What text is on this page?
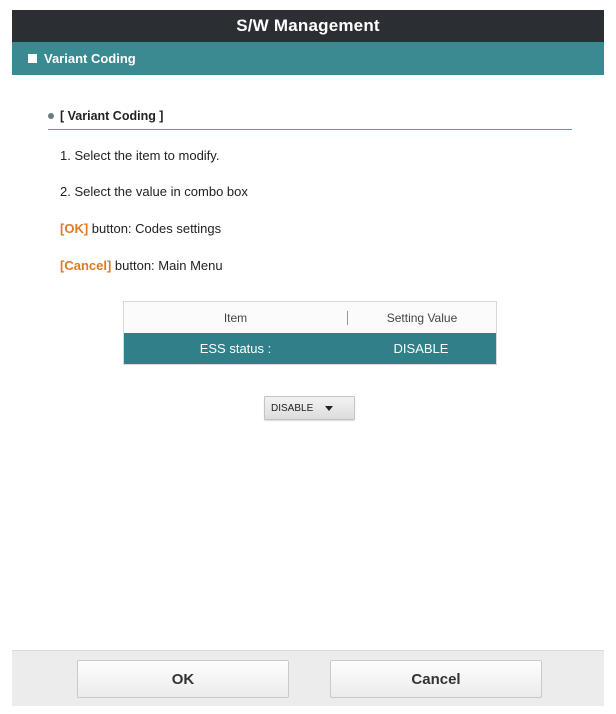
S/W Management
Variant Coding
[ Variant Coding ]
1. Select the item to modify.
2. Select the value in combo box
[OK] button: Codes settings
[Cancel] button: Main Menu
Item	Setting Value
ESS status :	DISABLE
DISABLE
OK	Cancel
